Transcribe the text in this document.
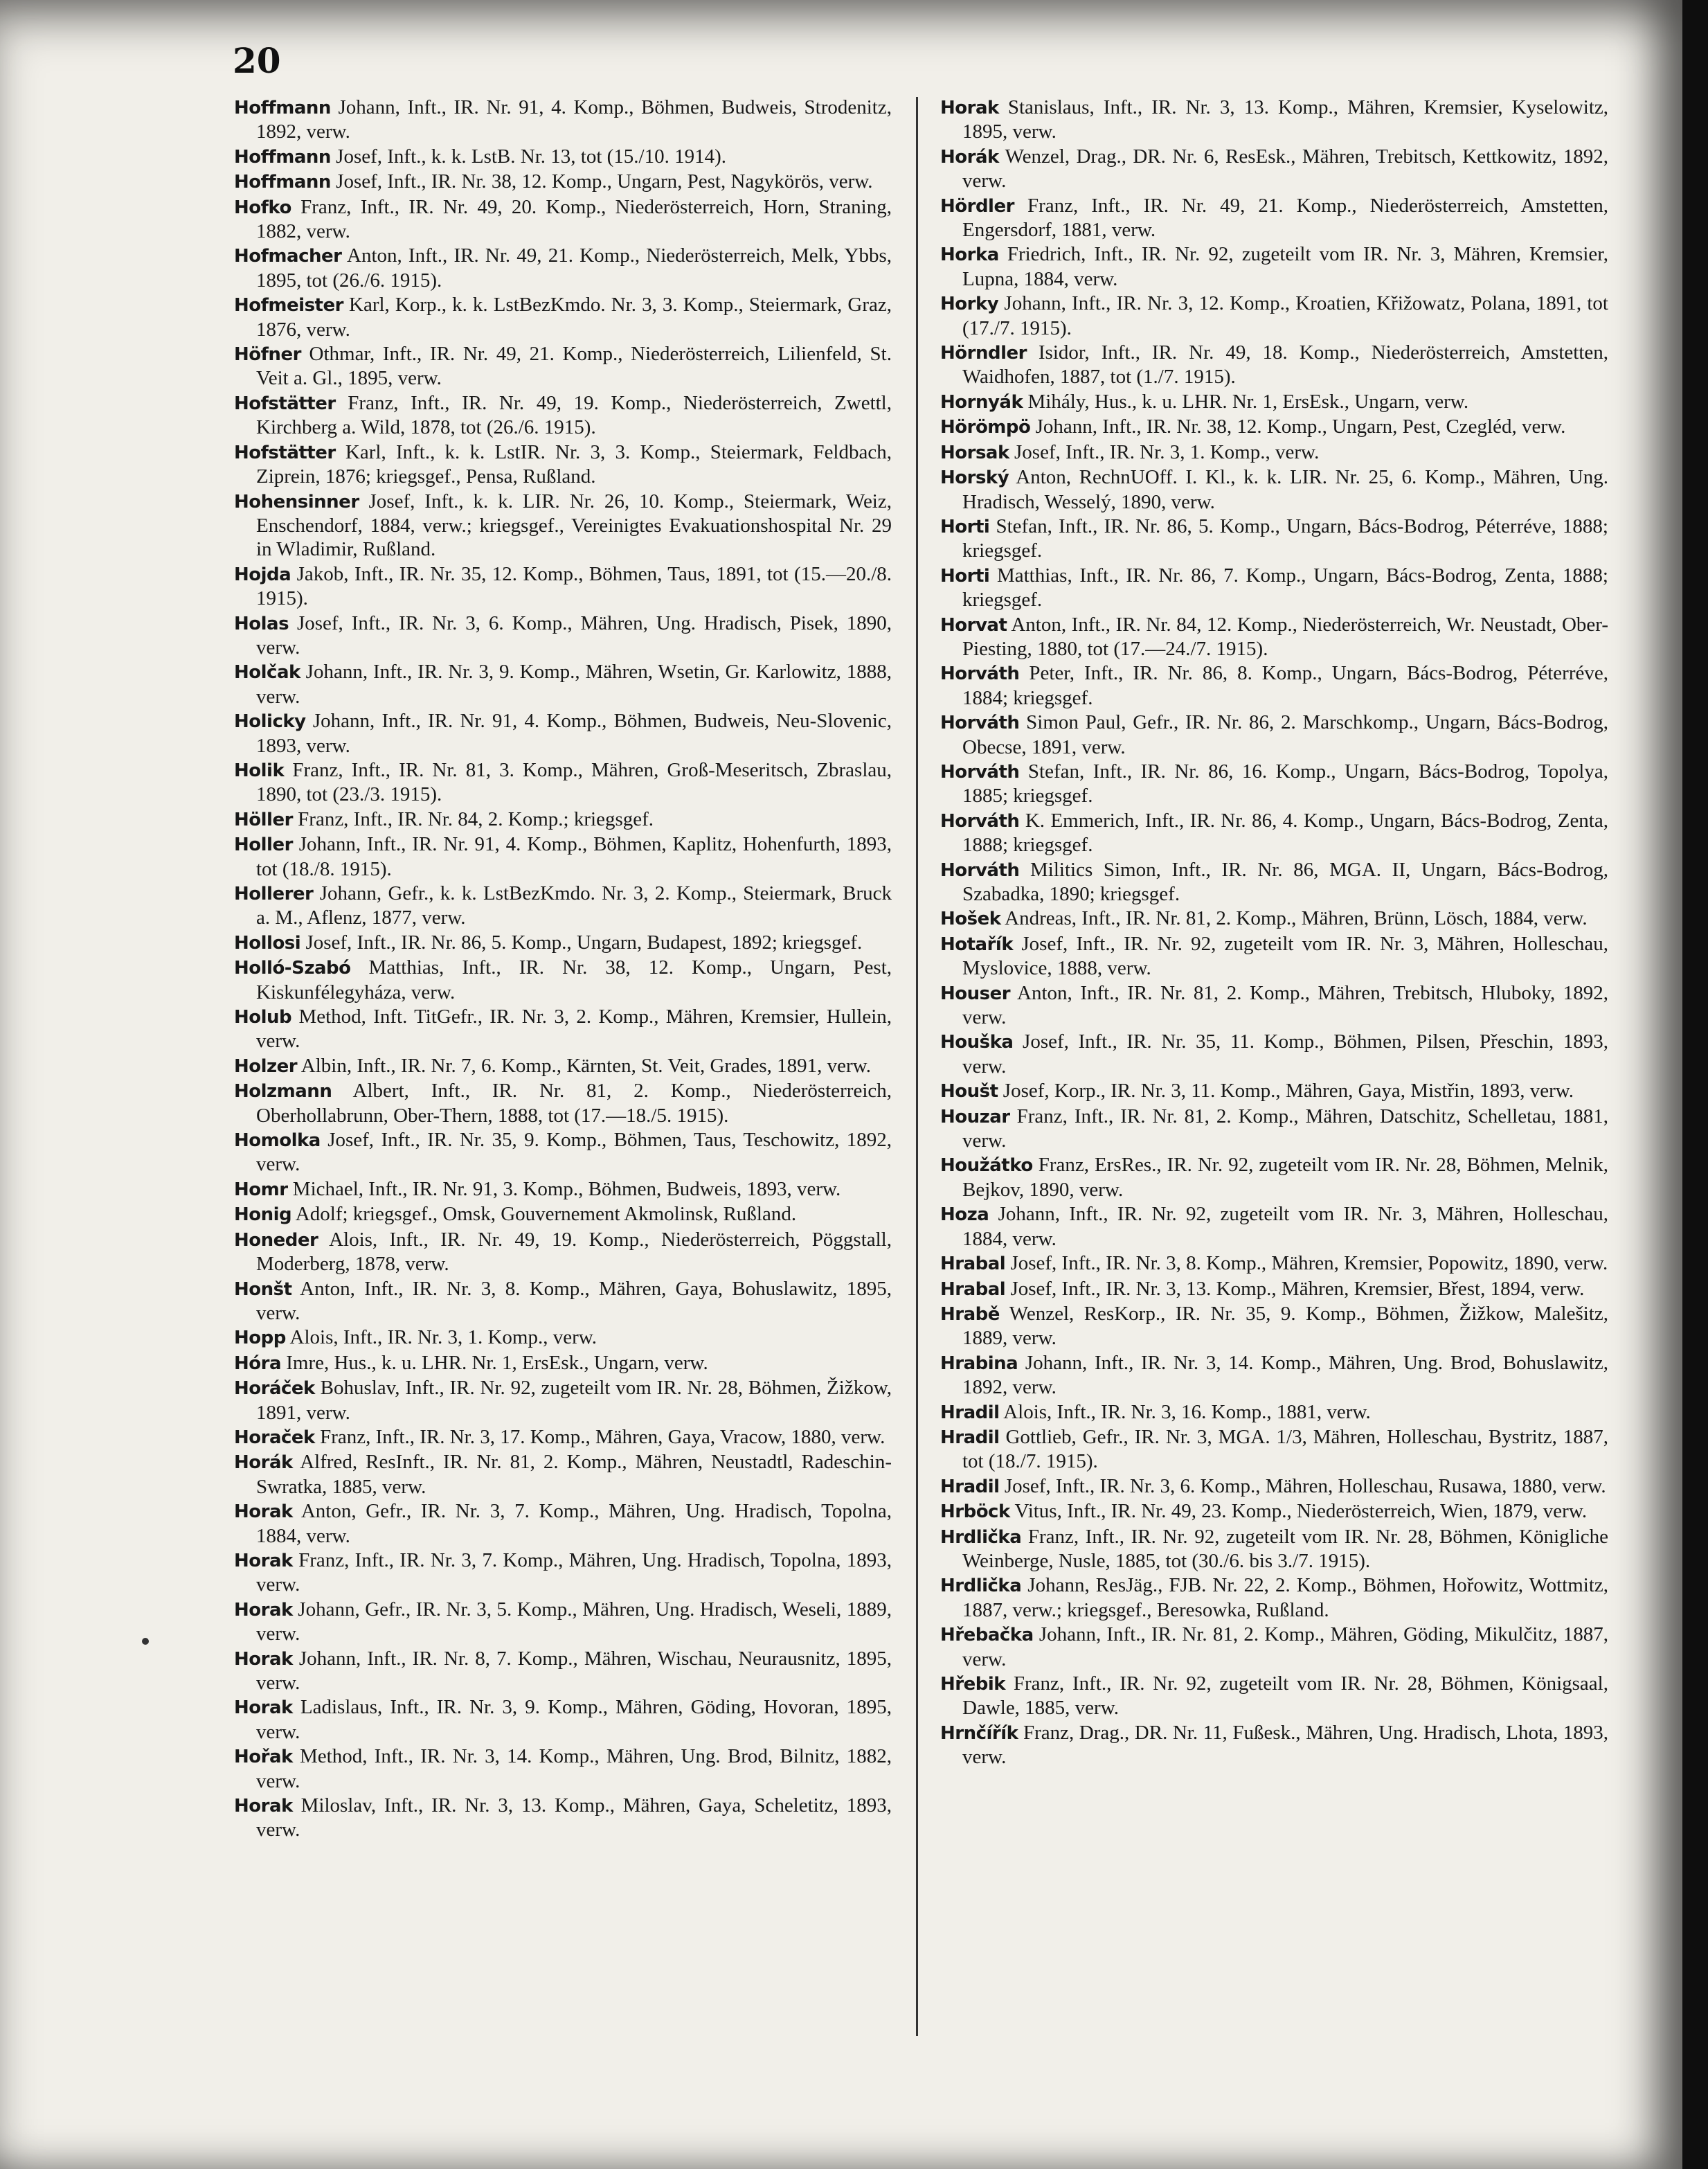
20

Hoffmann Johann, Inft., IR. Nr. 91, 4. Komp., Böhmen, Budweis, Strodenitz, 1892, verw.

Hoffmann Josef, Inft., k. k. LstB. Nr. 13, tot (15./10. 1914).

Hoffmann Josef, Inft., IR. Nr. 38, 12. Komp., Ungarn, Pest, Nagykörös, verw.

Hofko Franz, Inft., IR. Nr. 49, 20. Komp., Niederösterreich, Horn, Straning, 1882, verw.

Hofmacher Anton, Inft., IR. Nr. 49, 21. Komp., Niederösterreich, Melk, Ybbs, 1895, tot (26./6. 1915).

Hofmeister Karl, Korp., k. k. LstBezKmdo. Nr. 3, 3. Komp., Steiermark, Graz, 1876, verw.

Höfner Othmar, Inft., IR. Nr. 49, 21. Komp., Niederösterreich, Lilienfeld, St. Veit a. Gl., 1895, verw.

Hofstätter Franz, Inft., IR. Nr. 49, 19. Komp., Niederösterreich, Zwettl, Kirchberg a. Wild, 1878, tot (26./6. 1915).

Hofstätter Karl, Inft., k. k. LstIR. Nr. 3, 3. Komp., Steiermark, Feldbach, Ziprein, 1876; kriegsgef., Pensa, Rußland.

Hohensinner Josef, Inft., k. k. LIR. Nr. 26, 10. Komp., Steiermark, Weiz, Enschendorf, 1884, verw.; kriegsgef., Vereinigtes Evakuationshospital Nr. 29 in Wladimir, Rußland.

Hojda Jakob, Inft., IR. Nr. 35, 12. Komp., Böhmen, Taus, 1891, tot (15.—20./8. 1915).

Holas Josef, Inft., IR. Nr. 3, 6. Komp., Mähren, Ung. Hradisch, Pisek, 1890, verw.

Holčak Johann, Inft., IR. Nr. 3, 9. Komp., Mähren, Wsetin, Gr. Karlowitz, 1888, verw.

Holicky Johann, Inft., IR. Nr. 91, 4. Komp., Böhmen, Budweis, Neu-Slovenic, 1893, verw.

Holik Franz, Inft., IR. Nr. 81, 3. Komp., Mähren, Groß-Meseritsch, Zbraslau, 1890, tot (23./3. 1915).

Höller Franz, Inft., IR. Nr. 84, 2. Komp.; kriegsgef.

Holler Johann, Inft., IR. Nr. 91, 4. Komp., Böhmen, Kaplitz, Hohenfurth, 1893, tot (18./8. 1915).

Hollerer Johann, Gefr., k. k. LstBezKmdo. Nr. 3, 2. Komp., Steiermark, Bruck a. M., Aflenz, 1877, verw.

Hollosi Josef, Inft., IR. Nr. 86, 5. Komp., Ungarn, Budapest, 1892; kriegsgef.

Holló-Szabó Matthias, Inft., IR. Nr. 38, 12. Komp., Ungarn, Pest, Kiskunfélegyháza, verw.

Holub Method, Inft. TitGefr., IR. Nr. 3, 2. Komp., Mähren, Kremsier, Hullein, verw.

Holzer Albin, Inft., IR. Nr. 7, 6. Komp., Kärnten, St. Veit, Grades, 1891, verw.

Holzmann Albert, Inft., IR. Nr. 81, 2. Komp., Niederösterreich, Oberhollabrunn, Ober-Thern, 1888, tot (17.—18./5. 1915).

Homolka Josef, Inft., IR. Nr. 35, 9. Komp., Böhmen, Taus, Teschowitz, 1892, verw.

Homr Michael, Inft., IR. Nr. 91, 3. Komp., Böhmen, Budweis, 1893, verw.

Honig Adolf; kriegsgef., Omsk, Gouvernement Akmolinsk, Rußland.

Honeder Alois, Inft., IR. Nr. 49, 19. Komp., Niederösterreich, Pöggstall, Moderberg, 1878, verw.

Honšt Anton, Inft., IR. Nr. 3, 8. Komp., Mähren, Gaya, Bohuslawitz, 1895, verw.

Hopp Alois, Inft., IR. Nr. 3, 1. Komp., verw.

Hóra Imre, Hus., k. u. LHR. Nr. 1, ErsEsk., Ungarn, verw.

Horáček Bohuslav, Inft., IR. Nr. 92, zugeteilt vom IR. Nr. 28, Böhmen, Žižkow, 1891, verw.

Horaček Franz, Inft., IR. Nr. 3, 17. Komp., Mähren, Gaya, Vracow, 1880, verw.

Horák Alfred, ResInft., IR. Nr. 81, 2. Komp., Mähren, Neustadtl, Radeschin-Swratka, 1885, verw.

Horak Anton, Gefr., IR. Nr. 3, 7. Komp., Mähren, Ung. Hradisch, Topolna, 1884, verw.

Horak Franz, Inft., IR. Nr. 3, 7. Komp., Mähren, Ung. Hradisch, Topolna, 1893, verw.

Horak Johann, Gefr., IR. Nr. 3, 5. Komp., Mähren, Ung. Hradisch, Weseli, 1889, verw.

Horak Johann, Inft., IR. Nr. 8, 7. Komp., Mähren, Wischau, Neurausnitz, 1895, verw.

Horak Ladislaus, Inft., IR. Nr. 3, 9. Komp., Mähren, Göding, Hovoran, 1895, verw.

Hořak Method, Inft., IR. Nr. 3, 14. Komp., Mähren, Ung. Brod, Bilnitz, 1882, verw.

Horak Miloslav, Inft., IR. Nr. 3, 13. Komp., Mähren, Gaya, Scheletitz, 1893, verw.

Horak Stanislaus, Inft., IR. Nr. 3, 13. Komp., Mähren, Kremsier, Kyselowitz, 1895, verw.

Horák Wenzel, Drag., DR. Nr. 6, ResEsk., Mähren, Trebitsch, Kettkowitz, 1892, verw.

Hördler Franz, Inft., IR. Nr. 49, 21. Komp., Niederösterreich, Amstetten, Engersdorf, 1881, verw.

Horka Friedrich, Inft., IR. Nr. 92, zugeteilt vom IR. Nr. 3, Mähren, Kremsier, Lupna, 1884, verw.

Horky Johann, Inft., IR. Nr. 3, 12. Komp., Kroatien, Křižowatz, Polana, 1891, tot (17./7. 1915).

Hörndler Isidor, Inft., IR. Nr. 49, 18. Komp., Niederösterreich, Amstetten, Waidhofen, 1887, tot (1./7. 1915).

Hornyák Mihály, Hus., k. u. LHR. Nr. 1, ErsEsk., Ungarn, verw.

Hörömpö Johann, Inft., IR. Nr. 38, 12. Komp., Ungarn, Pest, Czegléd, verw.

Horsak Josef, Inft., IR. Nr. 3, 1. Komp., verw.

Horský Anton, RechnUOff. I. Kl., k. k. LIR. Nr. 25, 6. Komp., Mähren, Ung. Hradisch, Wesselý, 1890, verw.

Horti Stefan, Inft., IR. Nr. 86, 5. Komp., Ungarn, Bács-Bodrog, Péterréve, 1888; kriegsgef.

Horti Matthias, Inft., IR. Nr. 86, 7. Komp., Ungarn, Bács-Bodrog, Zenta, 1888; kriegsgef.

Horvat Anton, Inft., IR. Nr. 84, 12. Komp., Niederösterreich, Wr. Neustadt, Ober-Piesting, 1880, tot (17.—24./7. 1915).

Horváth Peter, Inft., IR. Nr. 86, 8. Komp., Ungarn, Bács-Bodrog, Péterréve, 1884; kriegsgef.

Horváth Simon Paul, Gefr., IR. Nr. 86, 2. Marschkomp., Ungarn, Bács-Bodrog, Obecse, 1891, verw.

Horváth Stefan, Inft., IR. Nr. 86, 16. Komp., Ungarn, Bács-Bodrog, Topolya, 1885; kriegsgef.

Horváth K. Emmerich, Inft., IR. Nr. 86, 4. Komp., Ungarn, Bács-Bodrog, Zenta, 1888; kriegsgef.

Horváth Militics Simon, Inft., IR. Nr. 86, MGA. II, Ungarn, Bács-Bodrog, Szabadka, 1890; kriegsgef.

Hošek Andreas, Inft., IR. Nr. 81, 2. Komp., Mähren, Brünn, Lösch, 1884, verw.

Hotařík Josef, Inft., IR. Nr. 92, zugeteilt vom IR. Nr. 3, Mähren, Holleschau, Myslovice, 1888, verw.

Houser Anton, Inft., IR. Nr. 81, 2. Komp., Mähren, Trebitsch, Hluboky, 1892, verw.

Houška Josef, Inft., IR. Nr. 35, 11. Komp., Böhmen, Pilsen, Přeschin, 1893, verw.

Houšt Josef, Korp., IR. Nr. 3, 11. Komp., Mähren, Gaya, Mistřin, 1893, verw.

Houzar Franz, Inft., IR. Nr. 81, 2. Komp., Mähren, Datschitz, Schelletau, 1881, verw.

Houžátko Franz, ErsRes., IR. Nr. 92, zugeteilt vom IR. Nr. 28, Böhmen, Melnik, Bejkov, 1890, verw.

Hoza Johann, Inft., IR. Nr. 92, zugeteilt vom IR. Nr. 3, Mähren, Holleschau, 1884, verw.

Hrabal Josef, Inft., IR. Nr. 3, 8. Komp., Mähren, Kremsier, Popowitz, 1890, verw.

Hrabal Josef, Inft., IR. Nr. 3, 13. Komp., Mähren, Kremsier, Břest, 1894, verw.

Hrabě Wenzel, ResKorp., IR. Nr. 35, 9. Komp., Böhmen, Žižkow, Malešitz, 1889, verw.

Hrabina Johann, Inft., IR. Nr. 3, 14. Komp., Mähren, Ung. Brod, Bohuslawitz, 1892, verw.

Hradil Alois, Inft., IR. Nr. 3, 16. Komp., 1881, verw.

Hradil Gottlieb, Gefr., IR. Nr. 3, MGA. 1/3, Mähren, Holleschau, Bystritz, 1887, tot (18./7. 1915).

Hradil Josef, Inft., IR. Nr. 3, 6. Komp., Mähren, Holleschau, Rusawa, 1880, verw.

Hrböck Vitus, Inft., IR. Nr. 49, 23. Komp., Niederösterreich, Wien, 1879, verw.

Hrdlička Franz, Inft., IR. Nr. 92, zugeteilt vom IR. Nr. 28, Böhmen, Königliche Weinberge, Nusle, 1885, tot (30./6. bis 3./7. 1915).

Hrdlička Johann, ResJäg., FJB. Nr. 22, 2. Komp., Böhmen, Hořowitz, Wottmitz, 1887, verw.; kriegsgef., Beresowka, Rußland.

Hřebačka Johann, Inft., IR. Nr. 81, 2. Komp., Mähren, Göding, Mikulčitz, 1887, verw.

Hřebik Franz, Inft., IR. Nr. 92, zugeteilt vom IR. Nr. 28, Böhmen, Königsaal, Dawle, 1885, verw.

Hrnčířík Franz, Drag., DR. Nr. 11, Fußesk., Mähren, Ung. Hradisch, Lhota, 1893, verw.
